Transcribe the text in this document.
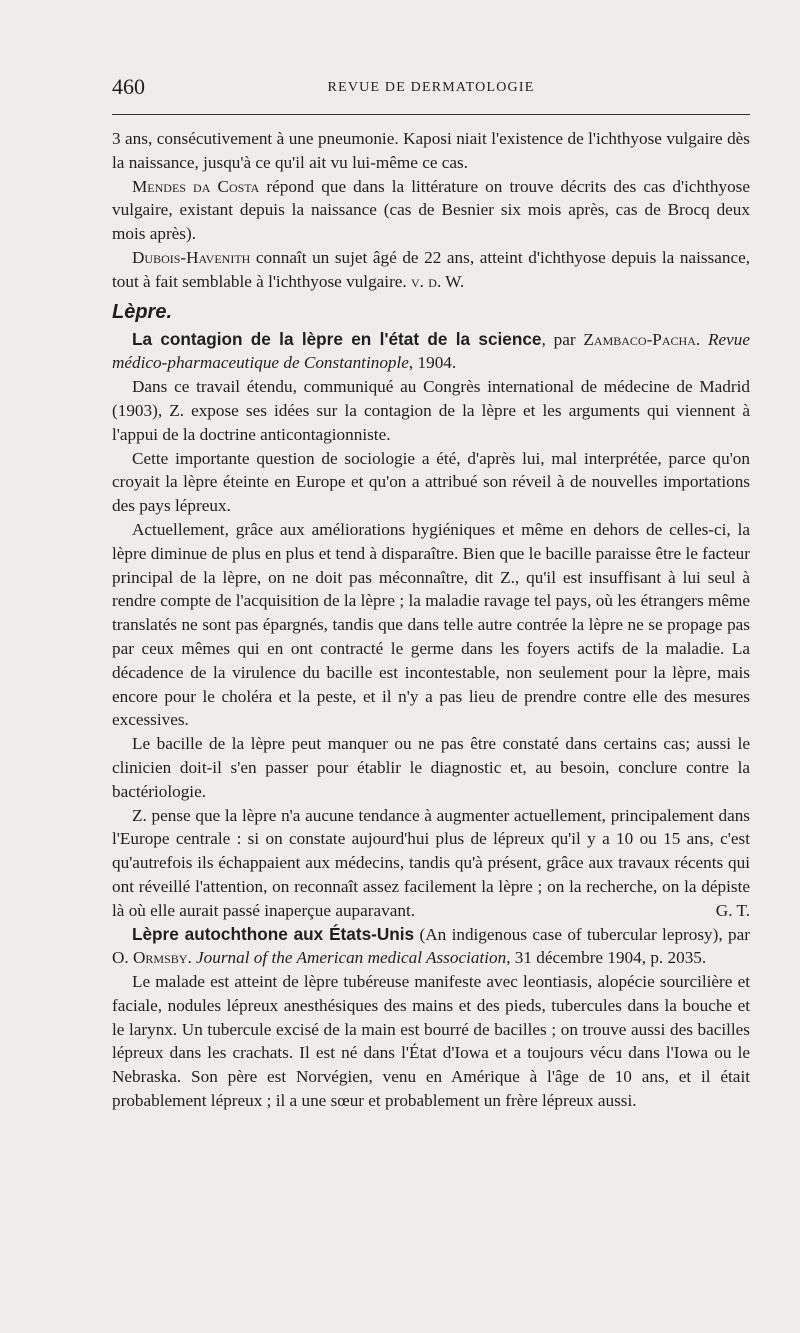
460	REVUE DE DERMATOLOGIE

3 ans, consécutivement à une pneumonie. Kaposi niait l'existence de l'ichthyose vulgaire dès la naissance, jusqu'à ce qu'il ait vu lui-même ce cas.

Mendes da Costa répond que dans la littérature on trouve décrits des cas d'ichthyose vulgaire, existant depuis la naissance (cas de Besnier six mois après, cas de Brocq deux mois après).

Dubois-Havenith connaît un sujet âgé de 22 ans, atteint d'ichthyose depuis la naissance, tout à fait semblable à l'ichthyose vulgaire. v. d. W.

Lèpre.

La contagion de la lèpre en l'état de la science, par Zambaco-Pacha. Revue médico-pharmaceutique de Constantinople, 1904.

Dans ce travail étendu, communiqué au Congrès international de médecine de Madrid (1903), Z. expose ses idées sur la contagion de la lèpre et les arguments qui viennent à l'appui de la doctrine anticontagionniste.

Cette importante question de sociologie a été, d'après lui, mal interprétée, parce qu'on croyait la lèpre éteinte en Europe et qu'on a attribué son réveil à de nouvelles importations des pays lépreux.

Actuellement, grâce aux améliorations hygiéniques et même en dehors de celles-ci, la lèpre diminue de plus en plus et tend à disparaître. Bien que le bacille paraisse être le facteur principal de la lèpre, on ne doit pas méconnaître, dit Z., qu'il est insuffisant à lui seul à rendre compte de l'acquisition de la lèpre ; la maladie ravage tel pays, où les étrangers même translatés ne sont pas épargnés, tandis que dans telle autre contrée la lèpre ne se propage pas par ceux mêmes qui en ont contracté le germe dans les foyers actifs de la maladie. La décadence de la virulence du bacille est incontestable, non seulement pour la lèpre, mais encore pour le choléra et la peste, et il n'y a pas lieu de prendre contre elle des mesures excessives.

Le bacille de la lèpre peut manquer ou ne pas être constaté dans certains cas; aussi le clinicien doit-il s'en passer pour établir le diagnostic et, au besoin, conclure contre la bactériologie.

Z. pense que la lèpre n'a aucune tendance à augmenter actuellement, principalement dans l'Europe centrale : si on constate aujourd'hui plus de lépreux qu'il y a 10 ou 15 ans, c'est qu'autrefois ils échappaient aux médecins, tandis qu'à présent, grâce aux travaux récents qui ont réveillé l'attention, on reconnaît assez facilement la lèpre ; on la recherche, on la dépiste là où elle aurait passé inaperçue auparavant.	G. T.

Lèpre autochthone aux États-Unis (An indigenous case of tubercular leprosy), par O. Ormsby. Journal of the American medical Association, 31 décembre 1904, p. 2035.

Le malade est atteint de lèpre tubéreuse manifeste avec leontiasis, alopécie sourcilière et faciale, nodules lépreux anesthésiques des mains et des pieds, tubercules dans la bouche et le larynx. Un tubercule excisé de la main est bourré de bacilles ; on trouve aussi des bacilles lépreux dans les crachats. Il est né dans l'État d'Iowa et a toujours vécu dans l'Iowa ou le Nebraska. Son père est Norvégien, venu en Amérique à l'âge de 10 ans, et il était probablement lépreux ; il a une sœur et probablement un frère lépreux aussi.
